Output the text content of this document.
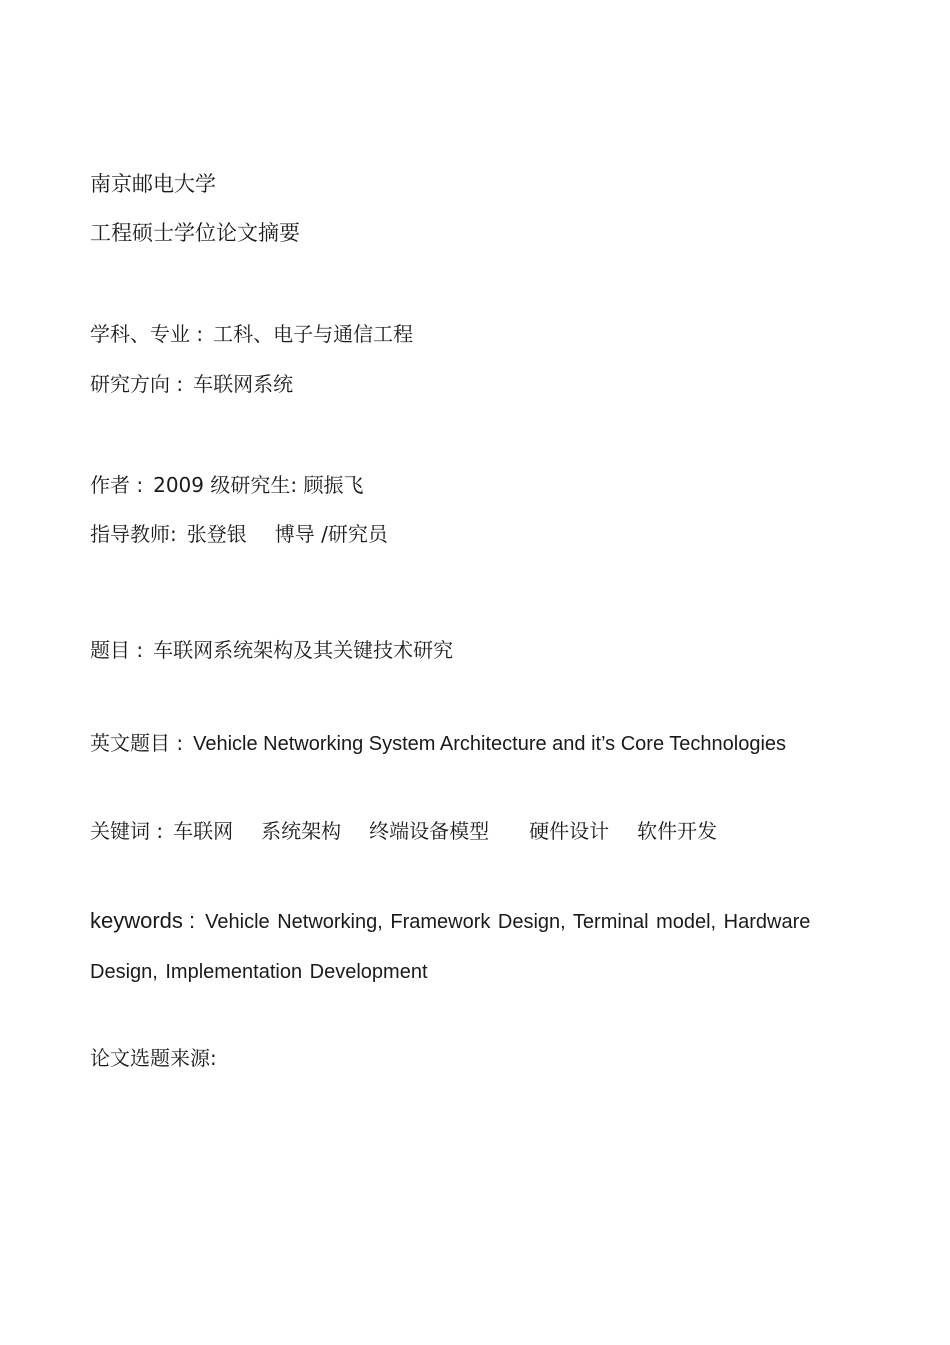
南京邮电大学
工程硕士学位论文摘要
学科、专业 : 工科、电子与通信工程
研究方向 : 车联网系统
作者 : 2009 级研究生: 顾振飞
指导教师: 张登银 博导 /研究员
题目 : 车联网系统架构及其关键技术研究
英文题目 : Vehicle Networking System Architecture and it’s Core Technologies
关键词 : 车联网 系统架构 终端设备模型 硬件设计 软件开发
keywords : Vehicle Networking, Framework Design, Terminal model, Hardware
Design, Implementation Development
论文选题来源:
